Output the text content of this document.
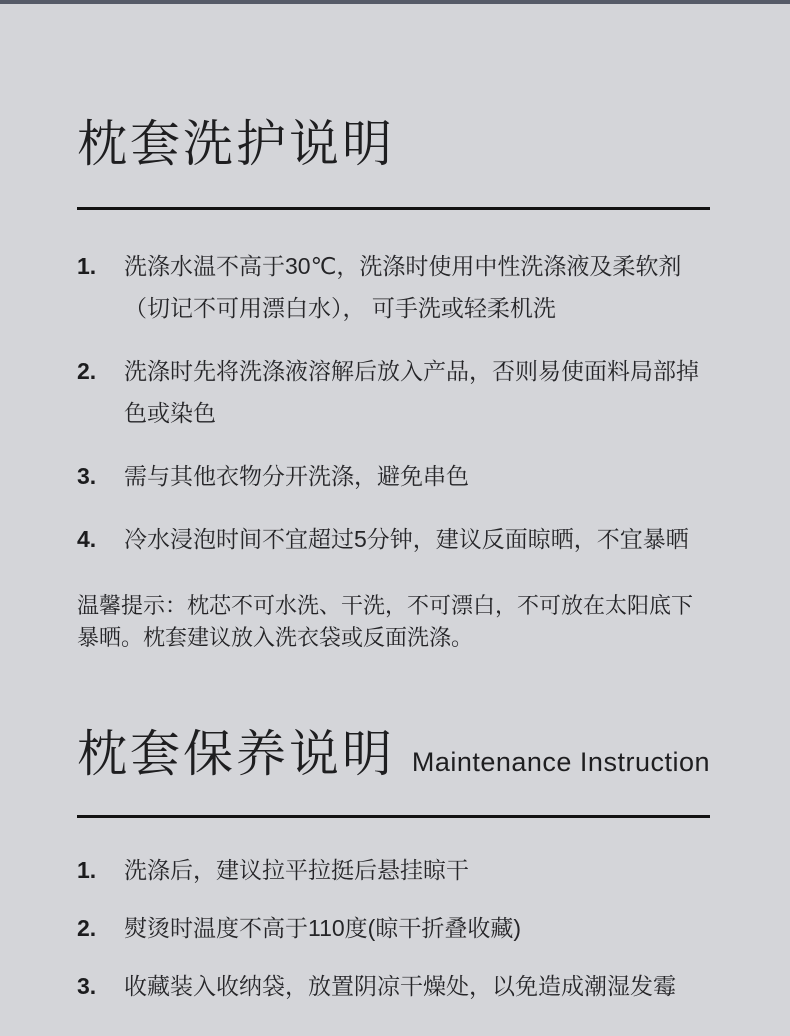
枕套洗护说明
1.	洗涤水温不高于30℃，洗涤时使用中性洗涤液及柔软剂（切记不可用漂白水）， 可手洗或轻柔机洗
2.	洗涤时先将洗涤液溶解后放入产品，否则易使面料局部掉色或染色
3.	需与其他衣物分开洗涤，避免串色
4.	冷水浸泡时间不宜超过5分钟，建议反面晾晒，不宜暴晒
温馨提示：枕芯不可水洗、干洗，不可漂白，不可放在太阳底下暴晒。枕套建议放入洗衣袋或反面洗涤。
枕套保养说明 Maintenance Instruction
1.	洗涤后，建议拉平拉挺后悬挂晾干
2.	熨烫时温度不高于110度(晾干折叠收藏)
3.	收藏装入收纳袋，放置阴凉干燥处，以免造成潮湿发霉
